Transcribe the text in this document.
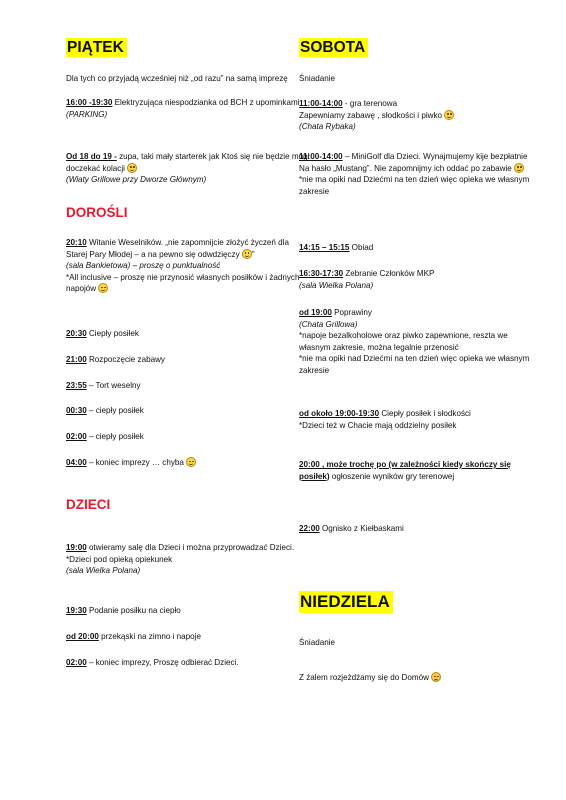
PIĄTEK

Dla tych co przyjadą wcześniej niż „od razu” na samą imprezę

16:00 -19:30 Elektryzująca niespodzianka od BCH z upominkami

(PARKING)

Od 18 do 19 - zupa, taki mały starterek jak Ktoś się nie będzie mógł doczekać kolacji

(Wiaty Grillowe przy Dworze Głównym)

DOROŚLI

20:10 Witanie Weselników. „nie zapomnijcie złożyć życzeń dla Starej Pary Młodej – a na pewno się odwdzięczy ”

(sala Bankietowa) – proszę o punktualność

*All inclusive – proszę nie przynosić własnych posiłków i żadnych napojów

20:30 Ciepły posiłek

21:00 Rozpoczęcie zabawy

23:55 – Tort weselny

00:30 – ciepły posiłek

02:00 – ciepły posiłek

04:00 – koniec imprezy … chyba

DZIECI

19:00 otwieramy salę dla Dzieci i można przyprowadzać Dzieci.

*Dzieci pod opieką opiekunek

(sala Wielka Polana)

19:30 Podanie posiłku na ciepło

od 20:00 przekąski na zimno i napoje

02:00 – koniec imprezy, Proszę odbierać Dzieci.

SOBOTA

Śniadanie

11:00-14:00 - gra terenowa

Zapewniamy zabawę , słodkości i piwko

(Chata Rybaka)

11:00-14:00 – MiniGolf dla Dzieci. Wynajmujemy kije bezpłatnie Na hasło „Mustang”. Nie zapomnijmy ich oddać po zabawie

*nie ma opiki nad Dziećmi na ten dzień więc opieka we własnym zakresie

14:15 – 15:15 Obiad

16:30-17:30 Zebranie Członków MKP

(sala Wielka Polana)

od 19:00 Poprawiny

(Chata Grillowa)

*napoje bezalkoholowe oraz piwko zapewnione, reszta we własnym zakresie, można legalnie przenosić

*nie ma opiki nad Dziećmi na ten dzień więc opieka we własnym zakresie

od około 19:00-19:30 Ciepły posiłek i słodkości

*Dzieci też w Chacie mają oddzielny posiłek

20:00 , może trochę po (w zależności kiedy skończy się posiłek) ogłoszenie wyników gry terenowej

22:00 Ognisko z Kiełbaskami

NIEDZIELA

Śniadanie

Z żalem rozjeżdżamy się do Domów
